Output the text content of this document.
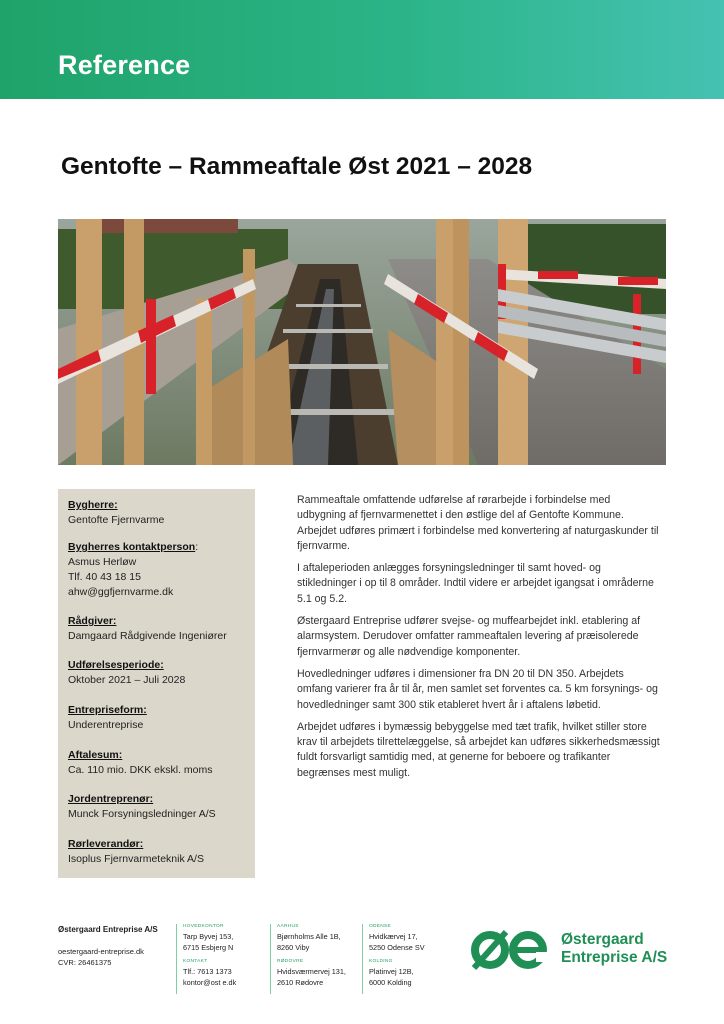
Reference
Gentofte – Rammeaftale Øst 2021 – 2028
Bygherre:
Gentofte Fjernvarme
Bygherres kontaktperson:
Asmus Herløw
Tlf. 40 43 18 15
ahw@ggfjernvarme.dk
Rådgiver:
Damgaard Rådgivende Ingeniører
Udførelsesperiode:
Oktober 2021 – Juli 2028
Entrepriseform:
Underentreprise
Aftalesum:
Ca. 110 mio. DKK ekskl. moms
Jordentreprenør:
Munck Forsyningsledninger A/S
Rørleverandør:
Isoplus Fjernvarmeteknik A/S

Rammeaftale omfattende udførelse af rørarbejde i forbindelse med udbygning af fjernvarmenettet i den østlige del af Gentofte Kommune. Arbejdet udføres primært i forbindelse med konvertering af naturgaskunder til fjernvarme.

I aftaleperioden anlægges forsyningsledninger til samt hoved- og stikledninger i op til 8 områder. Indtil videre er arbejdet igangsat i områderne 5.1 og 5.2.

Østergaard Entreprise udfører svejse- og muffearbejdet inkl. etablering af alarmsystem. Derudover omfatter rammeaftalen levering af præisolerede fjernvarmerør og alle nødvendige komponenter.

Hovedledninger udføres i dimensioner fra DN 20 til DN 350. Arbejdets omfang varierer fra år til år, men samlet set forventes ca. 5 km forsynings- og hovedledninger samt 300 stik etableret hvert år i aftalens løbetid.

Arbejdet udføres i bymæssig bebyggelse med tæt trafik, hvilket stiller store krav til arbejdets tilrettelæggelse, så arbejdet kan udføres sikkerhedsmæssigt fuldt forsvarligt samtidig med, at generne for beboere og trafikanter begrænses mest muligt.

Østergaard Entreprise A/S

oestergaard-entreprise.dk
CVR: 26461375
HOVEDKONTOR
Tarp Byvej 153,
6715 Esbjerg N
KONTAKT
Tlf.: 7613 1373
kontor@ost e.dk
AARHUS
Bjørnholms Alle 1B,
8260 Viby
RØDOVRE
Hvidsværmervej 131,
2610 Rødovre
ODENSE
Hvidkærvej 17,
5250 Odense SV
KOLDING
Platinvej 12B,
6000 Kolding
Østergaard
Entreprise A/S
